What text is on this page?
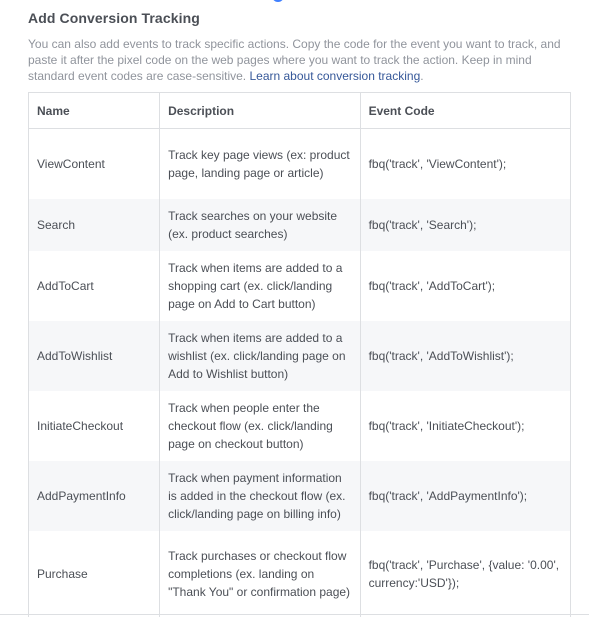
Add Conversion Tracking

You can also add events to track specific actions. Copy the code for the event you want to track, and paste it after the pixel code on the web pages where you want to track the action. Keep in mind standard event codes are case-sensitive. Learn about conversion tracking.

Name	Description	Event Code
ViewContent	Track key page views (ex: product page, landing page or article)	fbq('track', 'ViewContent');
Search	Track searches on your website (ex. product searches)	fbq('track', 'Search');
AddToCart	Track when items are added to a shopping cart (ex. click/landing page on Add to Cart button)	fbq('track', 'AddToCart');
AddToWishlist	Track when items are added to a wishlist (ex. click/landing page on Add to Wishlist button)	fbq('track', 'AddToWishlist');
InitiateCheckout	Track when people enter the checkout flow (ex. click/landing page on checkout button)	fbq('track', 'InitiateCheckout');
AddPaymentInfo	Track when payment information is added in the checkout flow (ex. click/landing page on billing info)	fbq('track', 'AddPaymentInfo');
Purchase	Track purchases or checkout flow completions (ex. landing on "Thank You" or confirmation page)	fbq('track', 'Purchase', {value: '0.00', currency:'USD'});
